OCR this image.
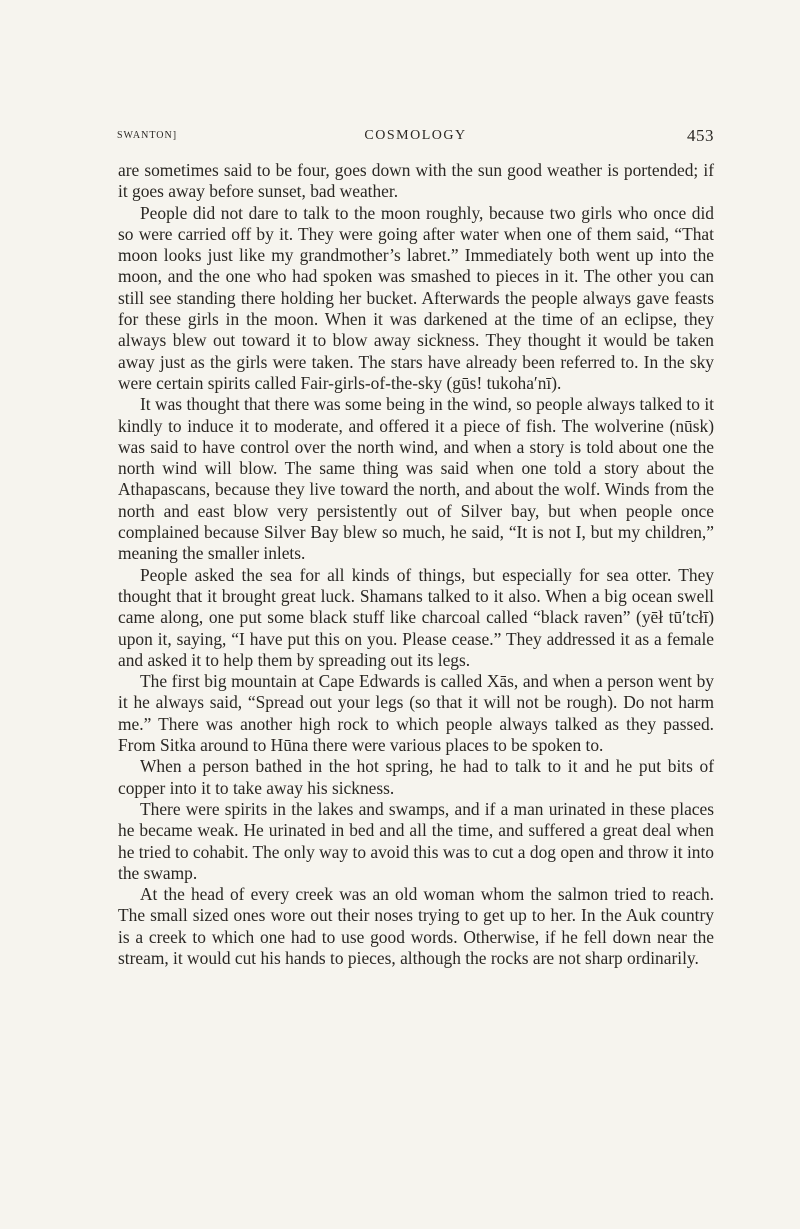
SWANTON]	COSMOLOGY	453

are sometimes said to be four, goes down with the sun good weather is portended; if it goes away before sunset, bad weather.

People did not dare to talk to the moon roughly, because two girls who once did so were carried off by it. They were going after water when one of them said, “That moon looks just like my grandmother’s labret.” Immediately both went up into the moon, and the one who had spoken was smashed to pieces in it. The other you can still see standing there holding her bucket. Afterwards the people always gave feasts for these girls in the moon. When it was darkened at the time of an eclipse, they always blew out toward it to blow away sickness. They thought it would be taken away just as the girls were taken. The stars have already been referred to. In the sky were certain spirits called Fair-girls-of-the-sky (gūs! tukoha′nī).

It was thought that there was some being in the wind, so people always talked to it kindly to induce it to moderate, and offered it a piece of fish. The wolverine (nūsk) was said to have control over the north wind, and when a story is told about one the north wind will blow. The same thing was said when one told a story about the Athapascans, because they live toward the north, and about the wolf. Winds from the north and east blow very persistently out of Silver bay, but when people once complained because Silver Bay blew so much, he said, “It is not I, but my children,” meaning the smaller inlets.

People asked the sea for all kinds of things, but especially for sea otter. They thought that it brought great luck. Shamans talked to it also. When a big ocean swell came along, one put some black stuff like charcoal called “black raven” (yēł tū′tcłī) upon it, saying, “I have put this on you. Please cease.” They addressed it as a female and asked it to help them by spreading out its legs.

The first big mountain at Cape Edwards is called Xās, and when a person went by it he always said, “Spread out your legs (so that it will not be rough). Do not harm me.” There was another high rock to which people always talked as they passed. From Sitka around to Hūna there were various places to be spoken to.

When a person bathed in the hot spring, he had to talk to it and he put bits of copper into it to take away his sickness.

There were spirits in the lakes and swamps, and if a man urinated in these places he became weak. He urinated in bed and all the time, and suffered a great deal when he tried to cohabit. The only way to avoid this was to cut a dog open and throw it into the swamp.

At the head of every creek was an old woman whom the salmon tried to reach. The small sized ones wore out their noses trying to get up to her. In the Auk country is a creek to which one had to use good words. Otherwise, if he fell down near the stream, it would cut his hands to pieces, although the rocks are not sharp ordinarily.
